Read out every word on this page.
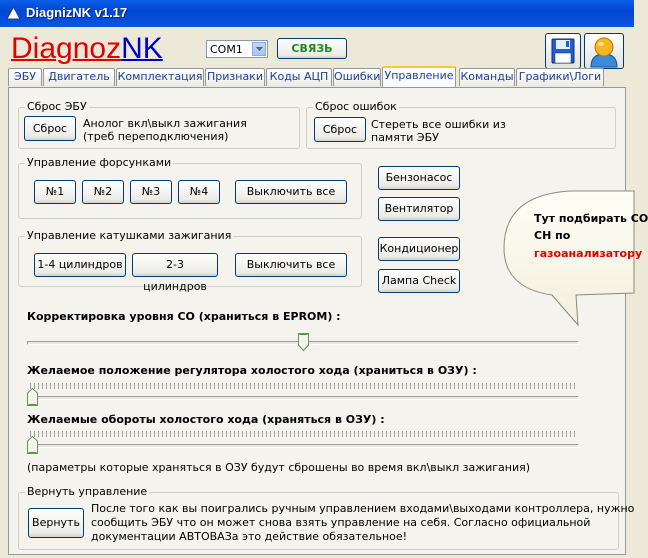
DiagnizNK v1.17
DiagnozNK	COM1	СВЯЗЬ
ЭБУ	Двигатель Комплектация Признаки Коды АЦП Ошибки Управление Команды Графики\Логи
Сброс ЭБУ
Сброс	Анолог вкл\выкл зажигания
(треб переподключения)
Сброс ошибок
Сброс	Стереть все ошибки из
памяти ЭБУ
Управление форсунками
№1	№2	№3	№4	Выключить все
Управление катушками зажигания
1-4 цилиндров	2-3 цилиндров
Выключить все
Бензонасос
Вентилятор
Кондиционер
Лампа Check
Тут подбирать СО
СН по
газоанализатору
Корректировка уровня СО (храниться в EPROM) :
Желаемое положение регулятора холостого хода (храниться в ОЗУ) :
Желаемые обороты холостого хода (храняться в ОЗУ) :
(параметры которые храняться в ОЗУ будут сброшены во время вкл\выкл зажигания)
Вернуть управление
Вернуть
После того как вы поигрались ручным управлением входами\выходами контроллера, нужно
сообщить ЭБУ что он может снова взять управление на себя. Согласно официальной
документации АВТОВАЗа это действие обязательное!
